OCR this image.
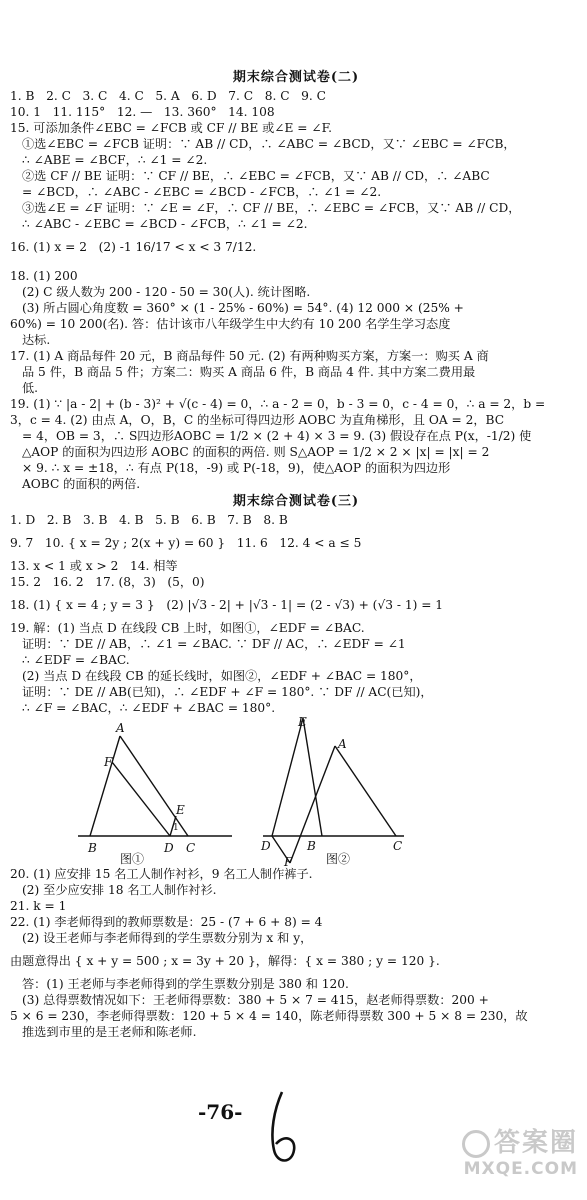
期末综合测试卷(二)
1. B   2. C   3. C   4. C   5. A   6. D   7. C   8. C   9. C
10. 1   11. 115°   12. —   13. 360°   14. 108
15. 可添加条件∠EBC = ∠FCB 或 CF // BE 或∠E = ∠F.
①选∠EBC = ∠FCB 证明：∵ AB // CD，∴ ∠ABC = ∠BCD，又∵ ∠EBC = ∠FCB，
∴ ∠ABE = ∠BCF，∴ ∠1 = ∠2.
②选 CF // BE 证明：∵ CF // BE，∴ ∠EBC = ∠FCB，又∵ AB // CD，∴ ∠ABC
= ∠BCD，∴ ∠ABC - ∠EBC = ∠BCD - ∠FCB，∴ ∠1 = ∠2.
③选∠E = ∠F 证明：∵ ∠E = ∠F，∴ CF // BE，∴ ∠EBC = ∠FCB，又∵ AB // CD，
∴ ∠ABC - ∠EBC = ∠BCD - ∠FCB，∴ ∠1 = ∠2.
16. (1) x = 2   (2) -1 16/17 < x < 3 7/12.
18. (1) 200
(2) C 级人数为 200 - 120 - 50 = 30(人). 统计图略.
(3) 所占圆心角度数 = 360° × (1 - 25% - 60%) = 54°. (4) 12 000 × (25% +
60%) = 10 200(名). 答：估计该市八年级学生中大约有 10 200 名学生学习态度
达标.
17. (1) A 商品每件 20 元，B 商品每件 50 元. (2) 有两种购买方案，方案一：购买 A 商
品 5 件，B 商品 5 件；方案二：购买 A 商品 6 件，B 商品 4 件. 其中方案二费用最
低.
19. (1) ∵ |a - 2| + (b - 3)² + √(c - 4) = 0，∴ a - 2 = 0，b - 3 = 0，c - 4 = 0，∴ a = 2，b =
3，c = 4. (2) 由点 A，O，B，C 的坐标可得四边形 AOBC 为直角梯形，且 OA = 2，BC
= 4，OB = 3，∴ S四边形AOBC = 1/2 × (2 + 4) × 3 = 9. (3) 假设存在点 P(x，-1/2) 使
△AOP 的面积为四边形 AOBC 的面积的两倍. 则 S△AOP = 1/2 × 2 × |x| = |x| = 2
× 9. ∴ x = ±18，∴ 有点 P(18，-9) 或 P(-18，9)，使△AOP 的面积为四边形
AOBC 的面积的两倍.
期末综合测试卷(三)
1. D   2. B   3. B   4. B   5. B   6. B   7. B   8. B
9. 7   10. { x = 2y ; 2(x + y) = 60 }   11. 6   12. 4 < a ≤ 5
13. x < 1 或 x > 2   14. 相等
15. 2   16. 2   17. (8，3)   (5，0)
18. (1) { x = 4 ; y = 3 }   (2) |√3 - 2| + |√3 - 1| = (2 - √3) + (√3 - 1) = 1
19. 解：(1) 当点 D 在线段 CB 上时，如图①，∠EDF = ∠BAC.
证明：∵ DE // AB，∴ ∠1 = ∠BAC. ∵ DF // AC，∴ ∠EDF = ∠1
∴ ∠EDF = ∠BAC.
(2) 当点 D 在线段 CB 的延长线时，如图②，∠EDF + ∠BAC = 180°，
证明：∵ DE // AB(已知)，∴ ∠EDF + ∠F = 180°. ∵ DF // AC(已知)，
∴ ∠F = ∠BAC，∴ ∠EDF + ∠BAC = 180°.
A
F
E
1
B	D C
E
A
D	B	C
F
图①	图②
20. (1) 应安排 15 名工人制作衬衫，9 名工人制作裤子.
(2) 至少应安排 18 名工人制作衬衫.
21. k = 1
22. (1) 李老师得到的教师票数是：25 - (7 + 6 + 8) = 4
(2) 设王老师与李老师得到的学生票数分别为 x 和 y，
由题意得出 { x + y = 500 ; x = 3y + 20 }，解得：{ x = 380 ; y = 120 }.
答：(1) 王老师与李老师得到的学生票数分别是 380 和 120.
(3) 总得票数情况如下：王老师得票数：380 + 5 × 7 = 415，赵老师得票数：200 +
5 × 6 = 230，李老师得票数：120 + 5 × 4 = 140，陈老师得票数 300 + 5 × 8 = 230，故
推选到市里的是王老师和陈老师.
-76-
答案圈
MXQE.COM
